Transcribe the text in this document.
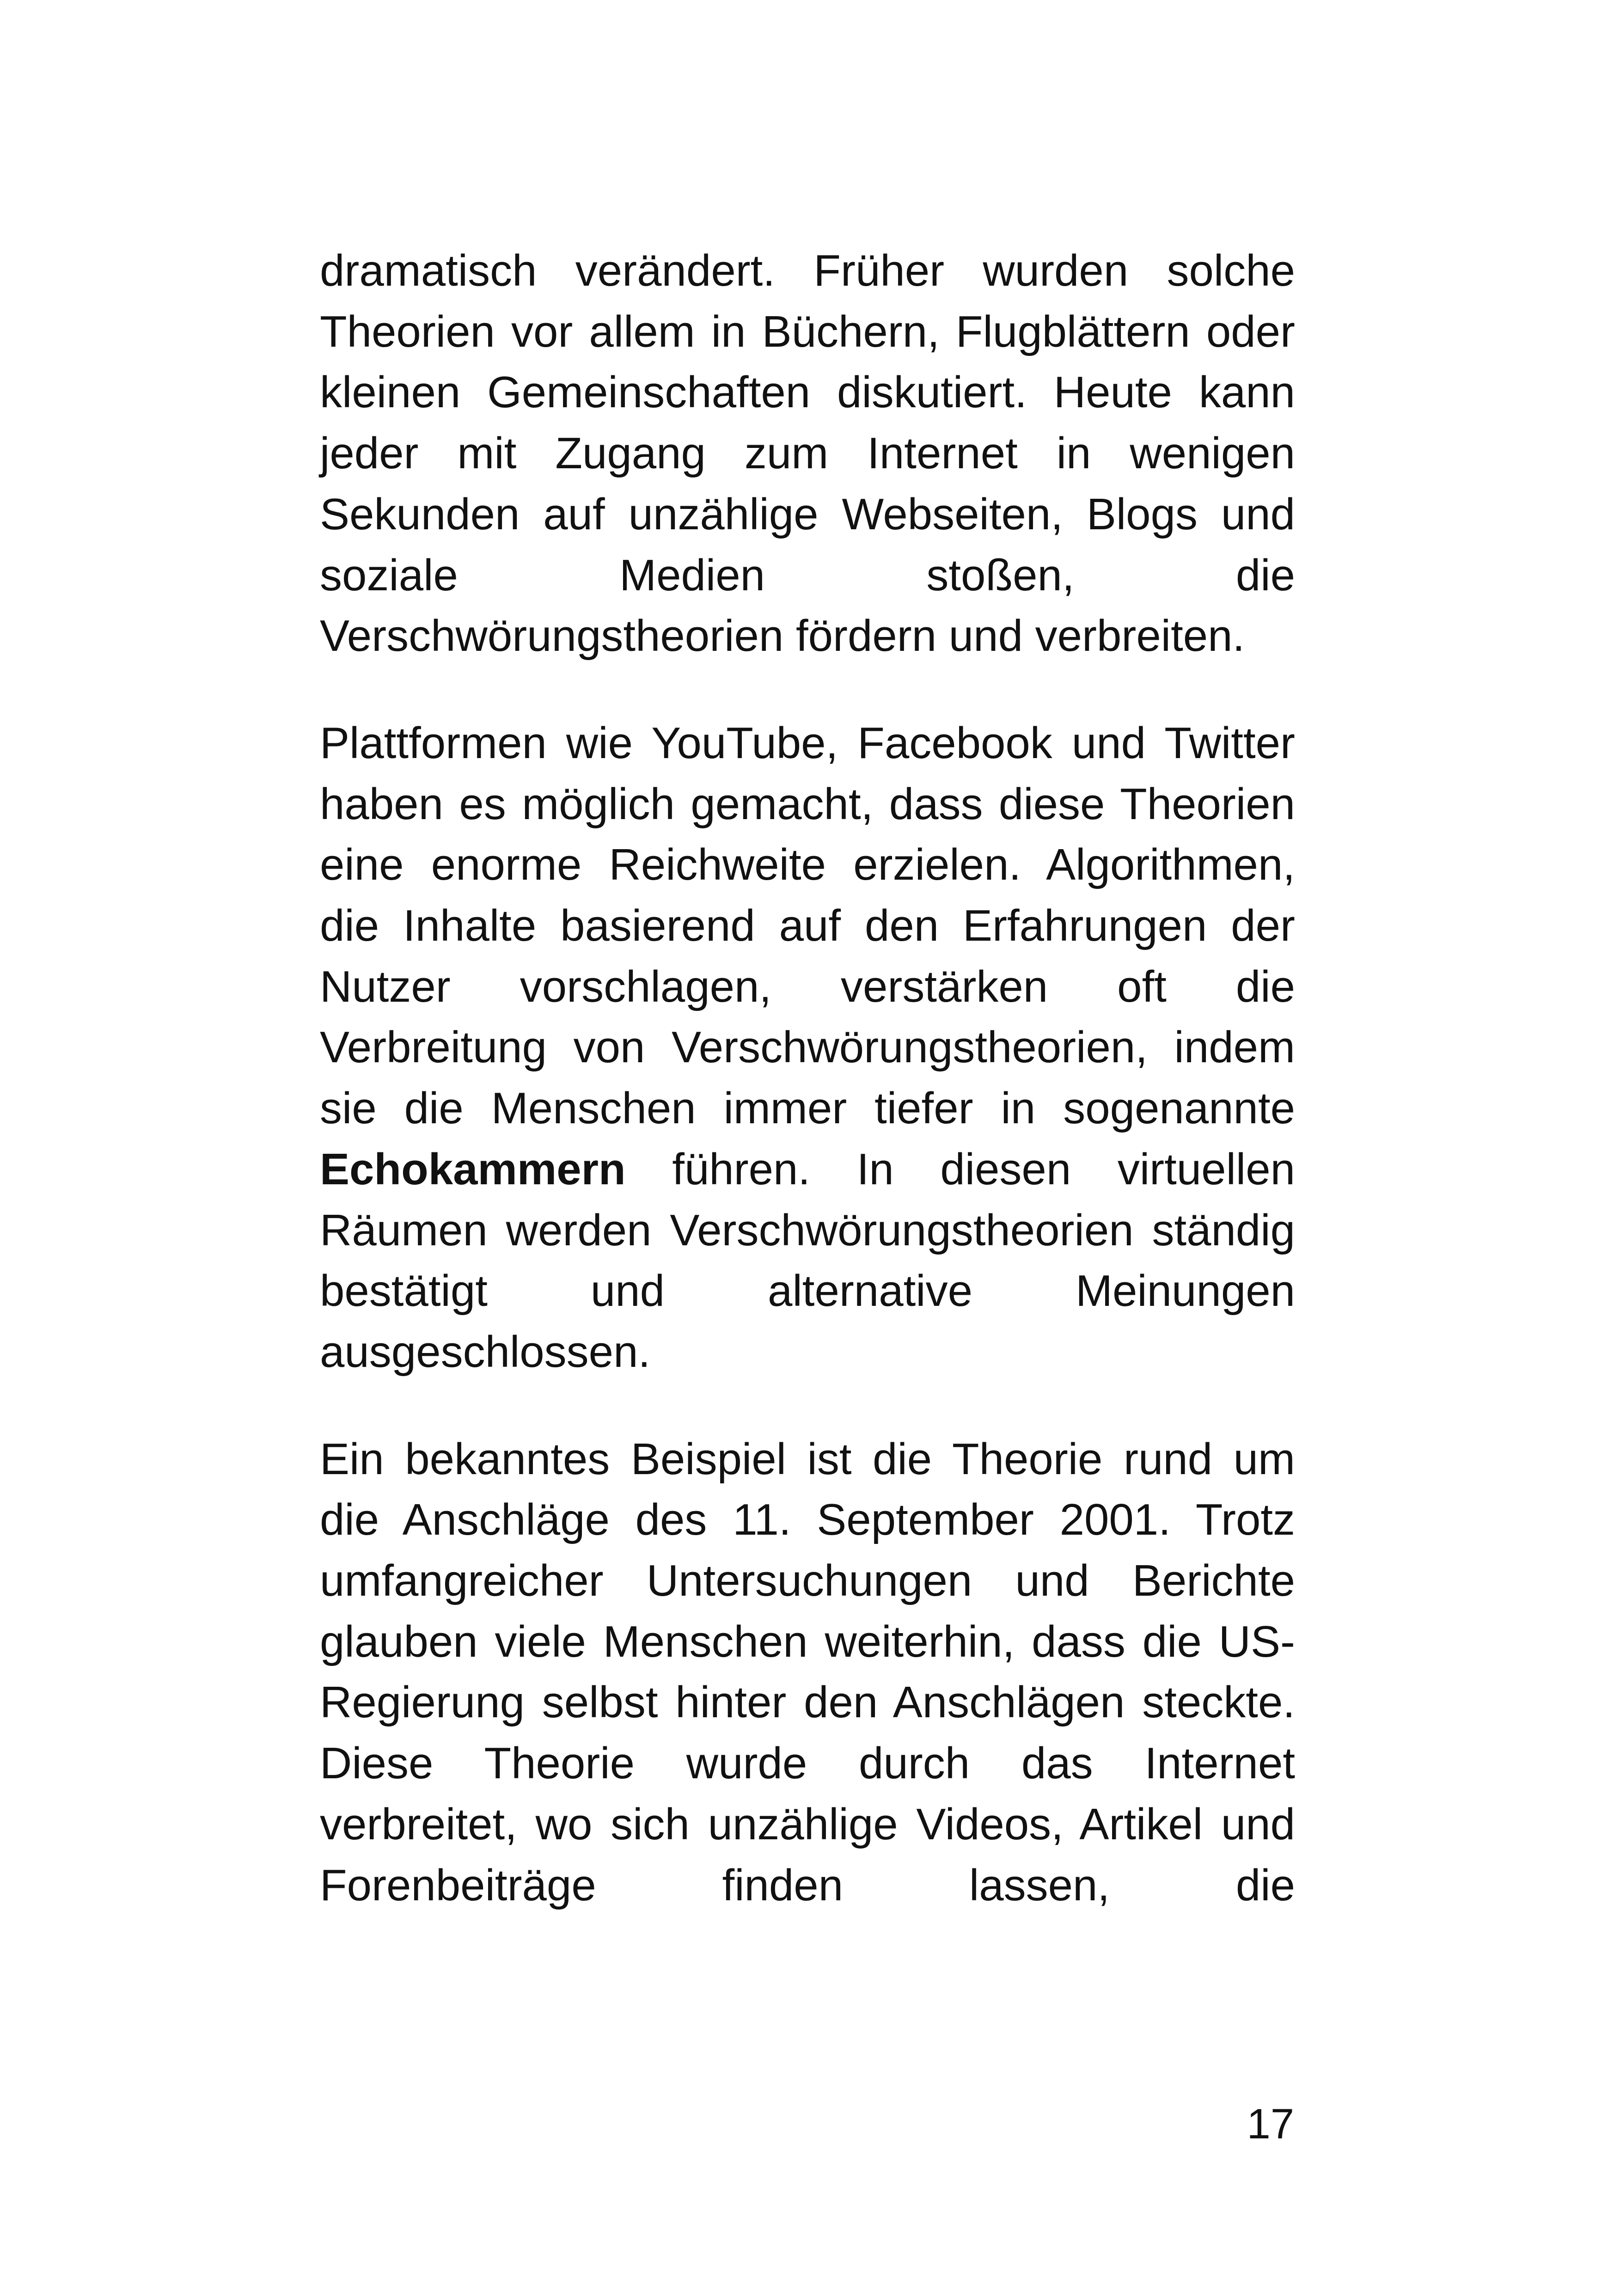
dramatisch verändert. Früher wurden solche Theorien vor allem in Büchern, Flugblättern oder kleinen Gemeinschaften diskutiert. Heute kann jeder mit Zugang zum Internet in wenigen Sekunden auf unzählige Webseiten, Blogs und soziale Medien stoßen, die Verschwörungstheorien fördern und verbreiten.

Plattformen wie YouTube, Facebook und Twitter haben es möglich gemacht, dass diese Theorien eine enorme Reichweite erzielen. Algorithmen, die Inhalte basierend auf den Erfahrungen der Nutzer vorschlagen, verstärken oft die Verbreitung von Verschwörungstheorien, indem sie die Menschen immer tiefer in sogenannte Echokammern führen. In diesen virtuellen Räumen werden Verschwörungstheorien ständig bestätigt und alternative Meinungen ausgeschlossen.

Ein bekanntes Beispiel ist die Theorie rund um die Anschläge des 11. September 2001. Trotz umfangreicher Untersuchungen und Berichte glauben viele Menschen weiterhin, dass die US-Regierung selbst hinter den Anschlägen steckte. Diese Theorie wurde durch das Internet verbreitet, wo sich unzählige Videos, Artikel und Forenbeiträge finden lassen, die

17
